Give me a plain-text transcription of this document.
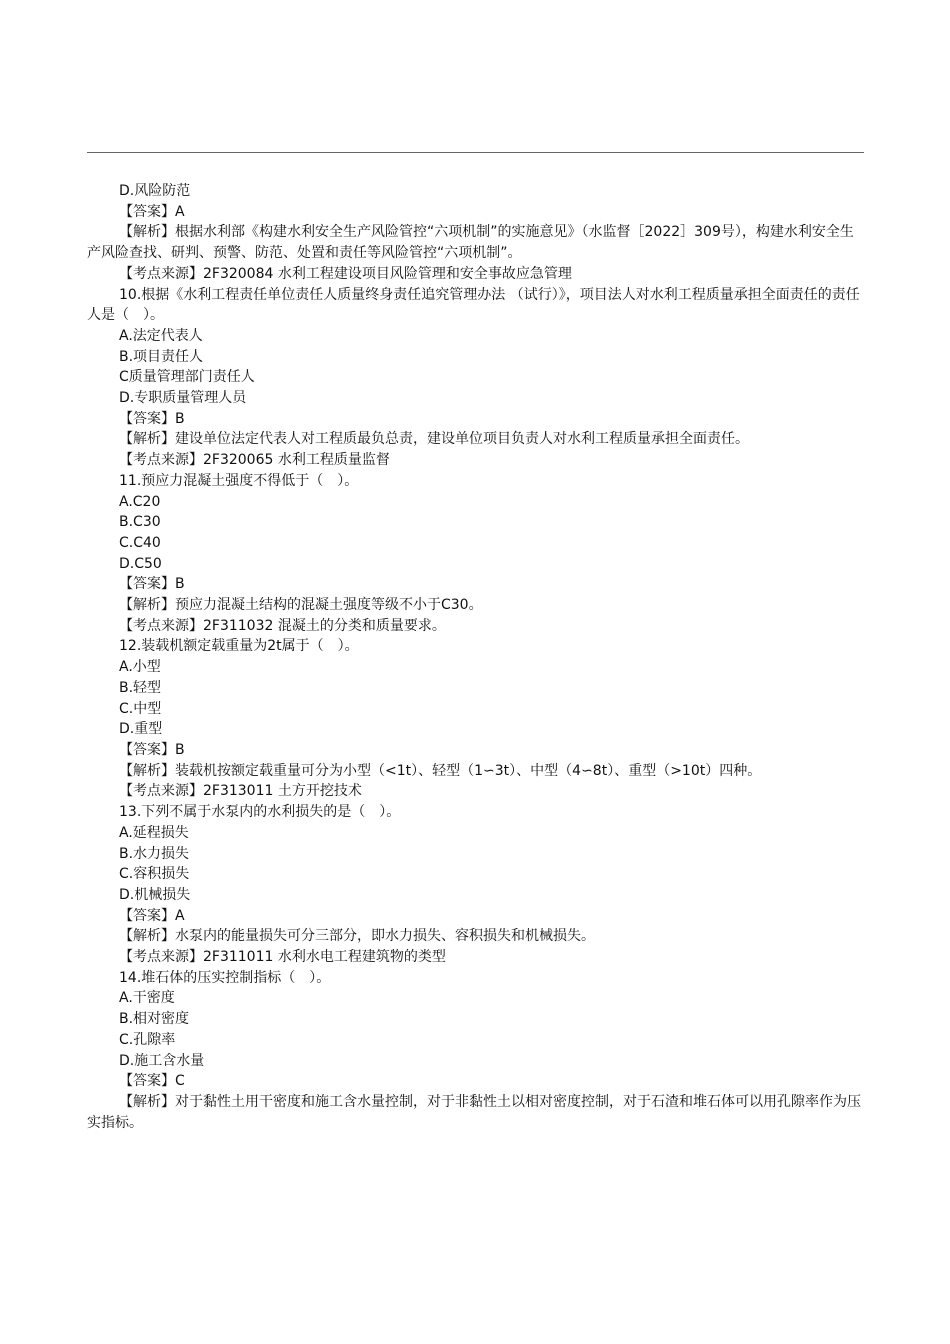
D.风险防范
【答案】A
【解析】根据水利部《构建水利安全生产风险管控“六项机制”的实施意见》（水监督［2022］309号），构建水利安全生产风险查找、研判、预警、防范、处置和责任等风险管控“六项机制”。
【考点来源】2F320084 水利工程建设项目风险管理和安全事故应急管理
10.根据《水利工程责任单位责任人质量终身责任追究管理办法 （试行）》，项目法人对水利工程质量承担全面责任的责任人是（　）。
A.法定代表人
B.项目责任人
C质量管理部门责任人
D.专职质量管理人员
【答案】B
【解析】建设单位法定代表人对工程质最负总责，建设单位项目负责人对水利工程质量承担全面责任。
【考点来源】2F320065 水利工程质量监督
11.预应力混凝土强度不得低于（　）。
A.C20
B.C30
C.C40
D.C50
【答案】B
【解析】预应力混凝土结构的混凝土强度等级不小于C30。
【考点来源】2F311032 混凝土的分类和质量要求。
12.装载机额定载重量为2t属于（　）。
A.小型
B.轻型
C.中型
D.重型
【答案】B
【解析】装载机按额定载重量可分为小型（<1t）、轻型（1∽3t）、中型（4∽8t）、重型（>10t）四种。
【考点来源】2F313011 土方开挖技术
13.下列不属于水泵内的水利损失的是（　）。
A.延程损失
B.水力损失
C.容积损失
D.机械损失
【答案】A
【解析】水泵内的能量损失可分三部分，即水力损失、容积损失和机械损失。
【考点来源】2F311011 水利水电工程建筑物的类型
14.堆石体的压实控制指标（　）。
A.干密度
B.相对密度
C.孔隙率
D.施工含水量
【答案】C
【解析】对于黏性土用干密度和施工含水量控制，对于非黏性土以相对密度控制，对于石渣和堆石体可以用孔隙率作为压实指标。
